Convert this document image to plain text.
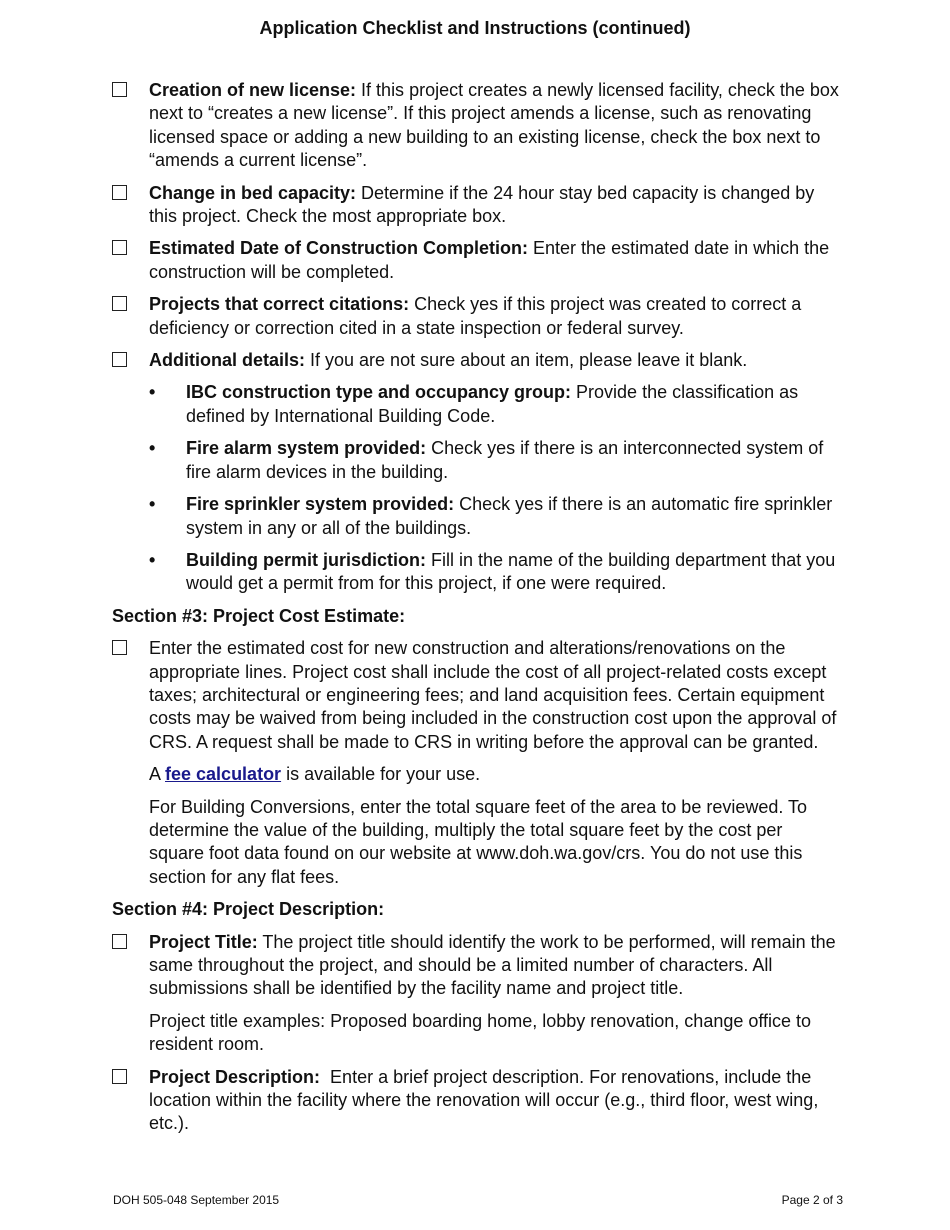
Application Checklist and Instructions (continued)
Creation of new license: If this project creates a newly licensed facility, check the box next to “creates a new license”. If this project amends a license, such as renovating licensed space or adding a new building to an existing license, check the box next to “amends a current license”.
Change in bed capacity: Determine if the 24 hour stay bed capacity is changed by this project. Check the most appropriate box.
Estimated Date of Construction Completion: Enter the estimated date in which the construction will be completed.
Projects that correct citations: Check yes if this project was created to correct a deficiency or correction cited in a state inspection or federal survey.
Additional details: If you are not sure about an item, please leave it blank.
• IBC construction type and occupancy group: Provide the classification as defined by International Building Code.
• Fire alarm system provided: Check yes if there is an interconnected system of fire alarm devices in the building.
• Fire sprinkler system provided: Check yes if there is an automatic fire sprinkler system in any or all of the buildings.
• Building permit jurisdiction: Fill in the name of the building department that you would get a permit from for this project, if one were required.
Section #3: Project Cost Estimate:
Enter the estimated cost for new construction and alterations/renovations on the appropriate lines. Project cost shall include the cost of all project-related costs except taxes; architectural or engineering fees; and land acquisition fees. Certain equipment costs may be waived from being included in the construction cost upon the approval of CRS. A request shall be made to CRS in writing before the approval can be granted.
A fee calculator is available for your use.
For Building Conversions, enter the total square feet of the area to be reviewed. To determine the value of the building, multiply the total square feet by the cost per square foot data found on our website at www.doh.wa.gov/crs. You do not use this section for any flat fees.
Section #4: Project Description:
Project Title: The project title should identify the work to be performed, will remain the same throughout the project, and should be a limited number of characters. All submissions shall be identified by the facility name and project title.
Project title examples: Proposed boarding home, lobby renovation, change office to resident room.
Project Description:  Enter a brief project description. For renovations, include the location within the facility where the renovation will occur (e.g., third floor, west wing, etc.).
DOH 505-048 September 2015	Page 2 of 3
